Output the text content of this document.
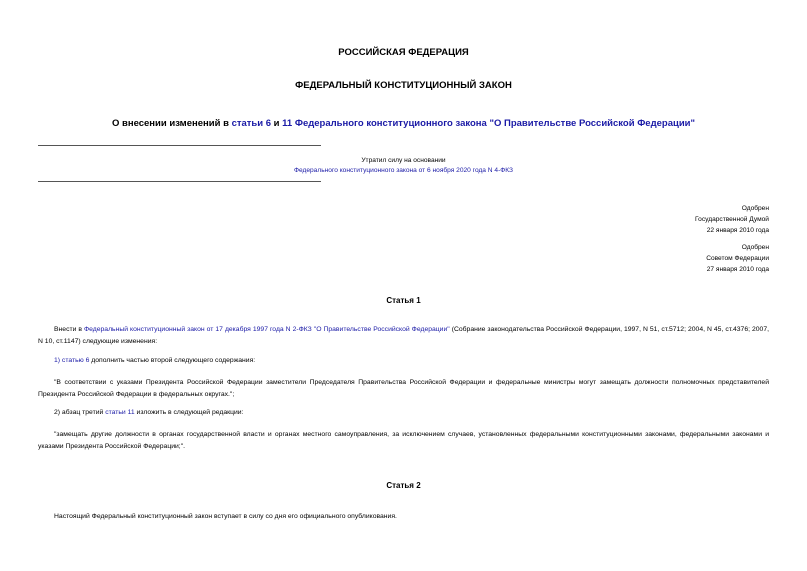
РОССИЙСКАЯ ФЕДЕРАЦИЯ
ФЕДЕРАЛЬНЫЙ КОНСТИТУЦИОННЫЙ ЗАКОН
О внесении изменений в статьи 6 и 11 Федерального конституционного закона "О Правительстве Российской Федерации"
Утратил силу на основании
Федерального конституционного закона от 6 ноября 2020 года N 4-ФКЗ
Одобрен
Государственной Думой
22 января 2010 года
Одобрен
Советом Федерации
27 января 2010 года
Статья 1
Внести в Федеральный конституционный закон от 17 декабря 1997 года N 2-ФКЗ "О Правительстве Российской Федерации" (Собрание законодательства Российской Федерации, 1997, N 51, ст.5712; 2004, N 45, ст.4376; 2007, N 10, ст.1147) следующие изменения:
1) статью 6 дополнить частью второй следующего содержания:
"В соответствии с указами Президента Российской Федерации заместители Председателя Правительства Российской Федерации и федеральные министры могут замещать должности полномочных представителей Президента Российской Федерации в федеральных округах.";
2) абзац третий статьи 11 изложить в следующей редакции:
"замещать другие должности в органах государственной власти и органах местного самоуправления, за исключением случаев, установленных федеральными конституционными законами, федеральными законами и указами Президента Российской Федерации;".
Статья 2
Настоящий Федеральный конституционный закон вступает в силу со дня его официального опубликования.
